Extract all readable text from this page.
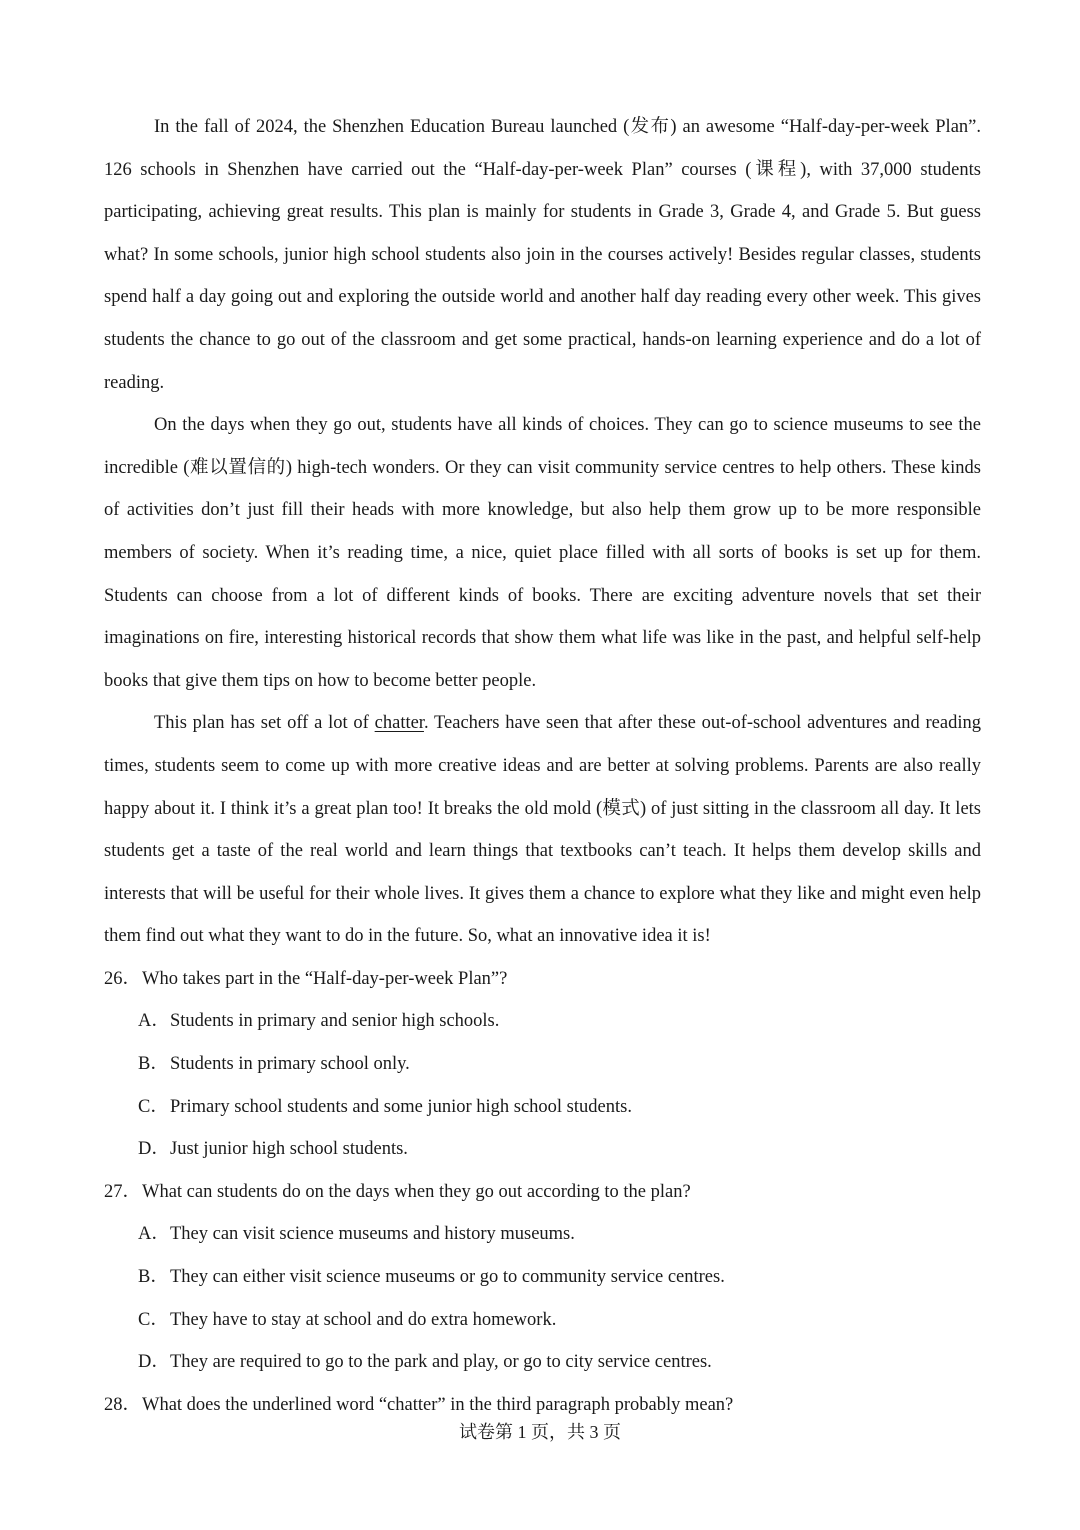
In the fall of 2024, the Shenzhen Education Bureau launched (发布) an awesome “Half-day-per-week Plan”. 126 schools in Shenzhen have carried out the “Half-day-per-week Plan” courses (课程), with 37,000 students participating, achieving great results. This plan is mainly for students in Grade 3, Grade 4, and Grade 5. But guess what? In some schools, junior high school students also join in the courses actively! Besides regular classes, students spend half a day going out and exploring the outside world and another half day reading every other week. This gives students the chance to go out of the classroom and get some practical, hands-on learning experience and do a lot of reading.

On the days when they go out, students have all kinds of choices. They can go to science museums to see the incredible (难以置信的) high-tech wonders. Or they can visit community service centres to help others. These kinds of activities don’t just fill their heads with more knowledge, but also help them grow up to be more responsible members of society. When it’s reading time, a nice, quiet place filled with all sorts of books is set up for them. Students can choose from a lot of different kinds of books. There are exciting adventure novels that set their imaginations on fire, interesting historical records that show them what life was like in the past, and helpful self-help books that give them tips on how to become better people.

This plan has set off a lot of chatter. Teachers have seen that after these out-of-school adventures and reading times, students seem to come up with more creative ideas and are better at solving problems. Parents are also really happy about it. I think it’s a great plan too! It breaks the old mold (模式) of just sitting in the classroom all day. It lets students get a taste of the real world and learn things that textbooks can’t teach. It helps them develop skills and interests that will be useful for their whole lives. It gives them a chance to explore what they like and might even help them find out what they want to do in the future. So, what an innovative idea it is!

26．Who takes part in the “Half-day-per-week Plan”?

A．Students in primary and senior high schools.

B．Students in primary school only.

C．Primary school students and some junior high school students.

D．Just junior high school students.

27．What can students do on the days when they go out according to the plan?

A．They can visit science museums and history museums.

B．They can either visit science museums or go to community service centres.

C．They have to stay at school and do extra homework.

D．They are required to go to the park and play, or go to city service centres.

28．What does the underlined word “chatter” in the third paragraph probably mean?

试卷第 1 页，共 3 页
